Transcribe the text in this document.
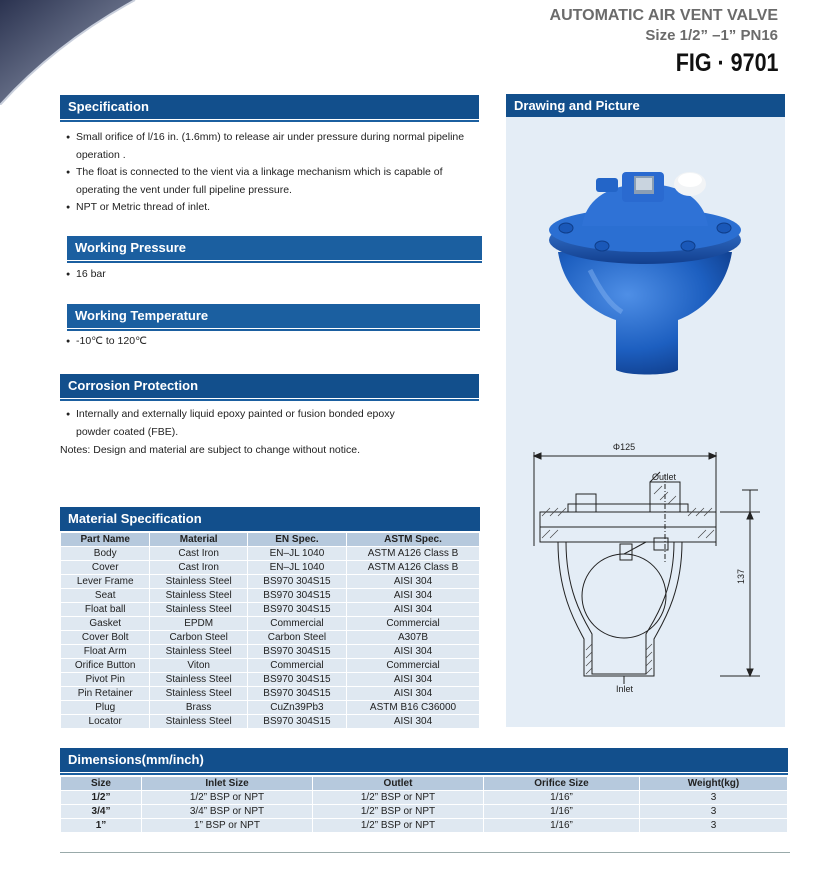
AUTOMATIC AIR VENT VALVE
Size 1/2” –1” PN16
FIG · 9701
Specification
● Small orifice of l/16 in. (1.6mm) to release air under pressure during normal pipeline
operation .
● The float is connected to the vient via a linkage mechanism which is capable of
operating the vent under full pipeline pressure.
● NPT or Metric thread of inlet.
Working Pressure
● 16 bar
Working Temperature
● -10℃ to 120℃
Corrosion Protection
● Internally and externally liquid epoxy painted or fusion bonded epoxy
powder coated (FBE).
Notes: Design and material are subject to change without notice.
Drawing and Picture
Φ125
Outlet
Inlet
137
Material Specification
Part Name	Material	EN Spec.	ASTM Spec.
Body	Cast Iron	EN–JL 1040	ASTM A126 Class B
Cover	Cast Iron	EN–JL 1040	ASTM A126 Class B
Lever Frame	Stainless Steel	BS970 304S15	AISI 304
Seat	Stainless Steel	BS970 304S15	AISI 304
Float ball	Stainless Steel	BS970 304S15	AISI 304
Gasket	EPDM	Commercial	Commercial
Cover Bolt	Carbon Steel	Carbon Steel	A307B
Float Arm	Stainless Steel	BS970 304S15	AISI 304
Orifice Button	Viton	Commercial	Commercial
Pivot Pin	Stainless Steel	BS970 304S15	AISI 304
Pin Retainer	Stainless Steel	BS970 304S15	AISI 304
Plug	Brass	CuZn39Pb3	ASTM B16 C36000
Locator	Stainless Steel	BS970 304S15	AISI 304
Dimensions(mm/inch)
Size	Inlet Size	Outlet	Orifice Size	Weight(kg)
1/2”	1/2” BSP or NPT	1/2” BSP or NPT	1/16”	3
3/4”	3/4” BSP or NPT	1/2” BSP or NPT	1/16”	3
1”	1” BSP or NPT	1/2” BSP or NPT	1/16”	3
